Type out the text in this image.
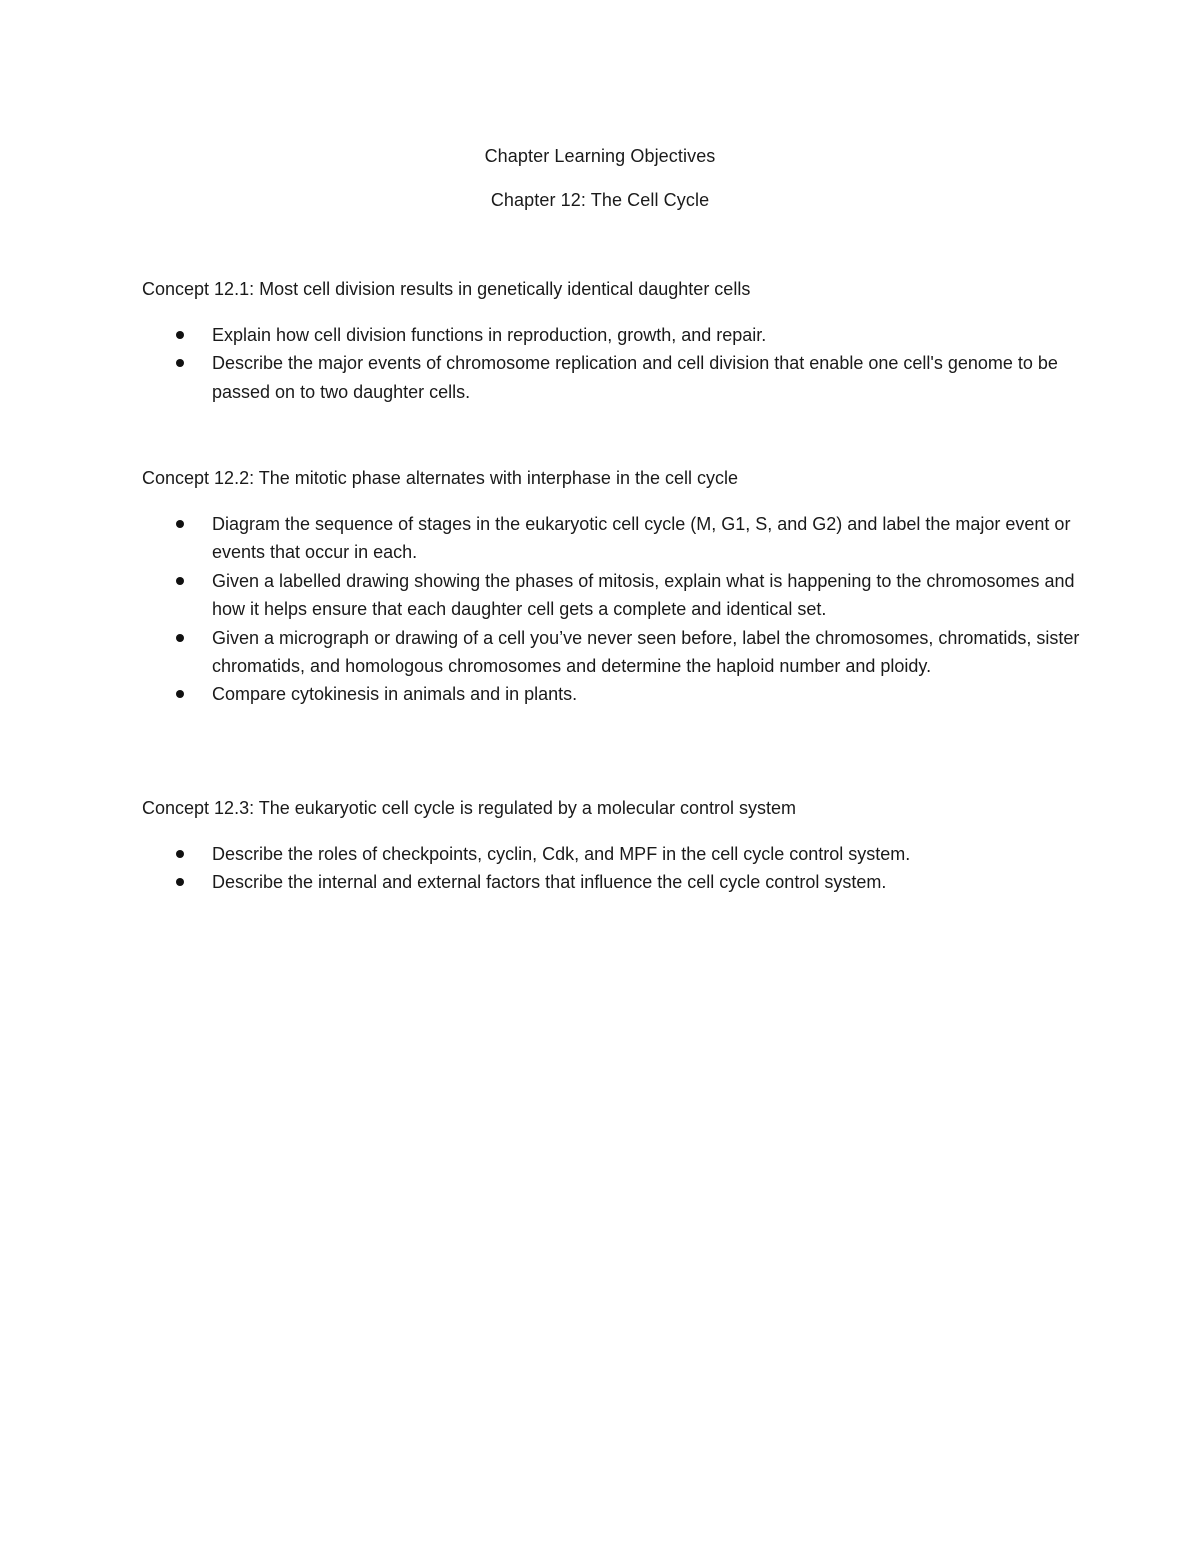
Chapter Learning Objectives
Chapter 12: The Cell Cycle

Concept 12.1: Most cell division results in genetically identical daughter cells

Explain how cell division functions in reproduction, growth, and repair.
Describe the major events of chromosome replication and cell division that enable one cell's genome to be passed on to two daughter cells.

Concept 12.2: The mitotic phase alternates with interphase in the cell cycle

Diagram the sequence of stages in the eukaryotic cell cycle (M, G1, S, and G2) and label the major event or events that occur in each.
Given a labelled drawing showing the phases of mitosis, explain what is happening to the chromosomes and how it helps ensure that each daughter cell gets a complete and identical set.
Given a micrograph or drawing of a cell you’ve never seen before, label the chromosomes, chromatids, sister chromatids, and homologous chromosomes and determine the haploid number and ploidy.
Compare cytokinesis in animals and in plants.

Concept 12.3: The eukaryotic cell cycle is regulated by a molecular control system

Describe the roles of checkpoints, cyclin, Cdk, and MPF in the cell cycle control system.
Describe the internal and external factors that influence the cell cycle control system.
